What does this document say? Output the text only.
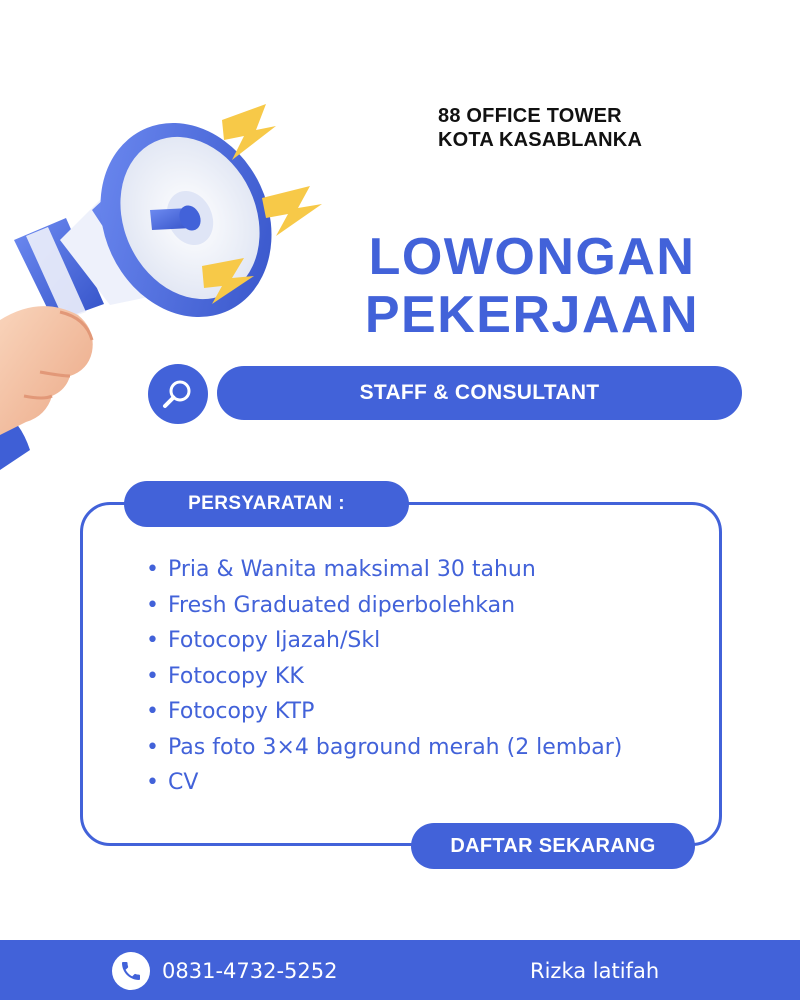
88 OFFICE TOWER
KOTA KASABLANKA
LOWONGAN
PEKERJAAN
STAFF & CONSULTANT
PERSYARATAN :
• Pria & Wanita maksimal 30 tahun
• Fresh Graduated diperbolehkan
• Fotocopy Ijazah/Skl
• Fotocopy KK
• Fotocopy KTP
• Pas foto 3×4 baground merah (2 lembar)
• CV
DAFTAR SEKARANG
0831-4732-5252	Rizka latifah
